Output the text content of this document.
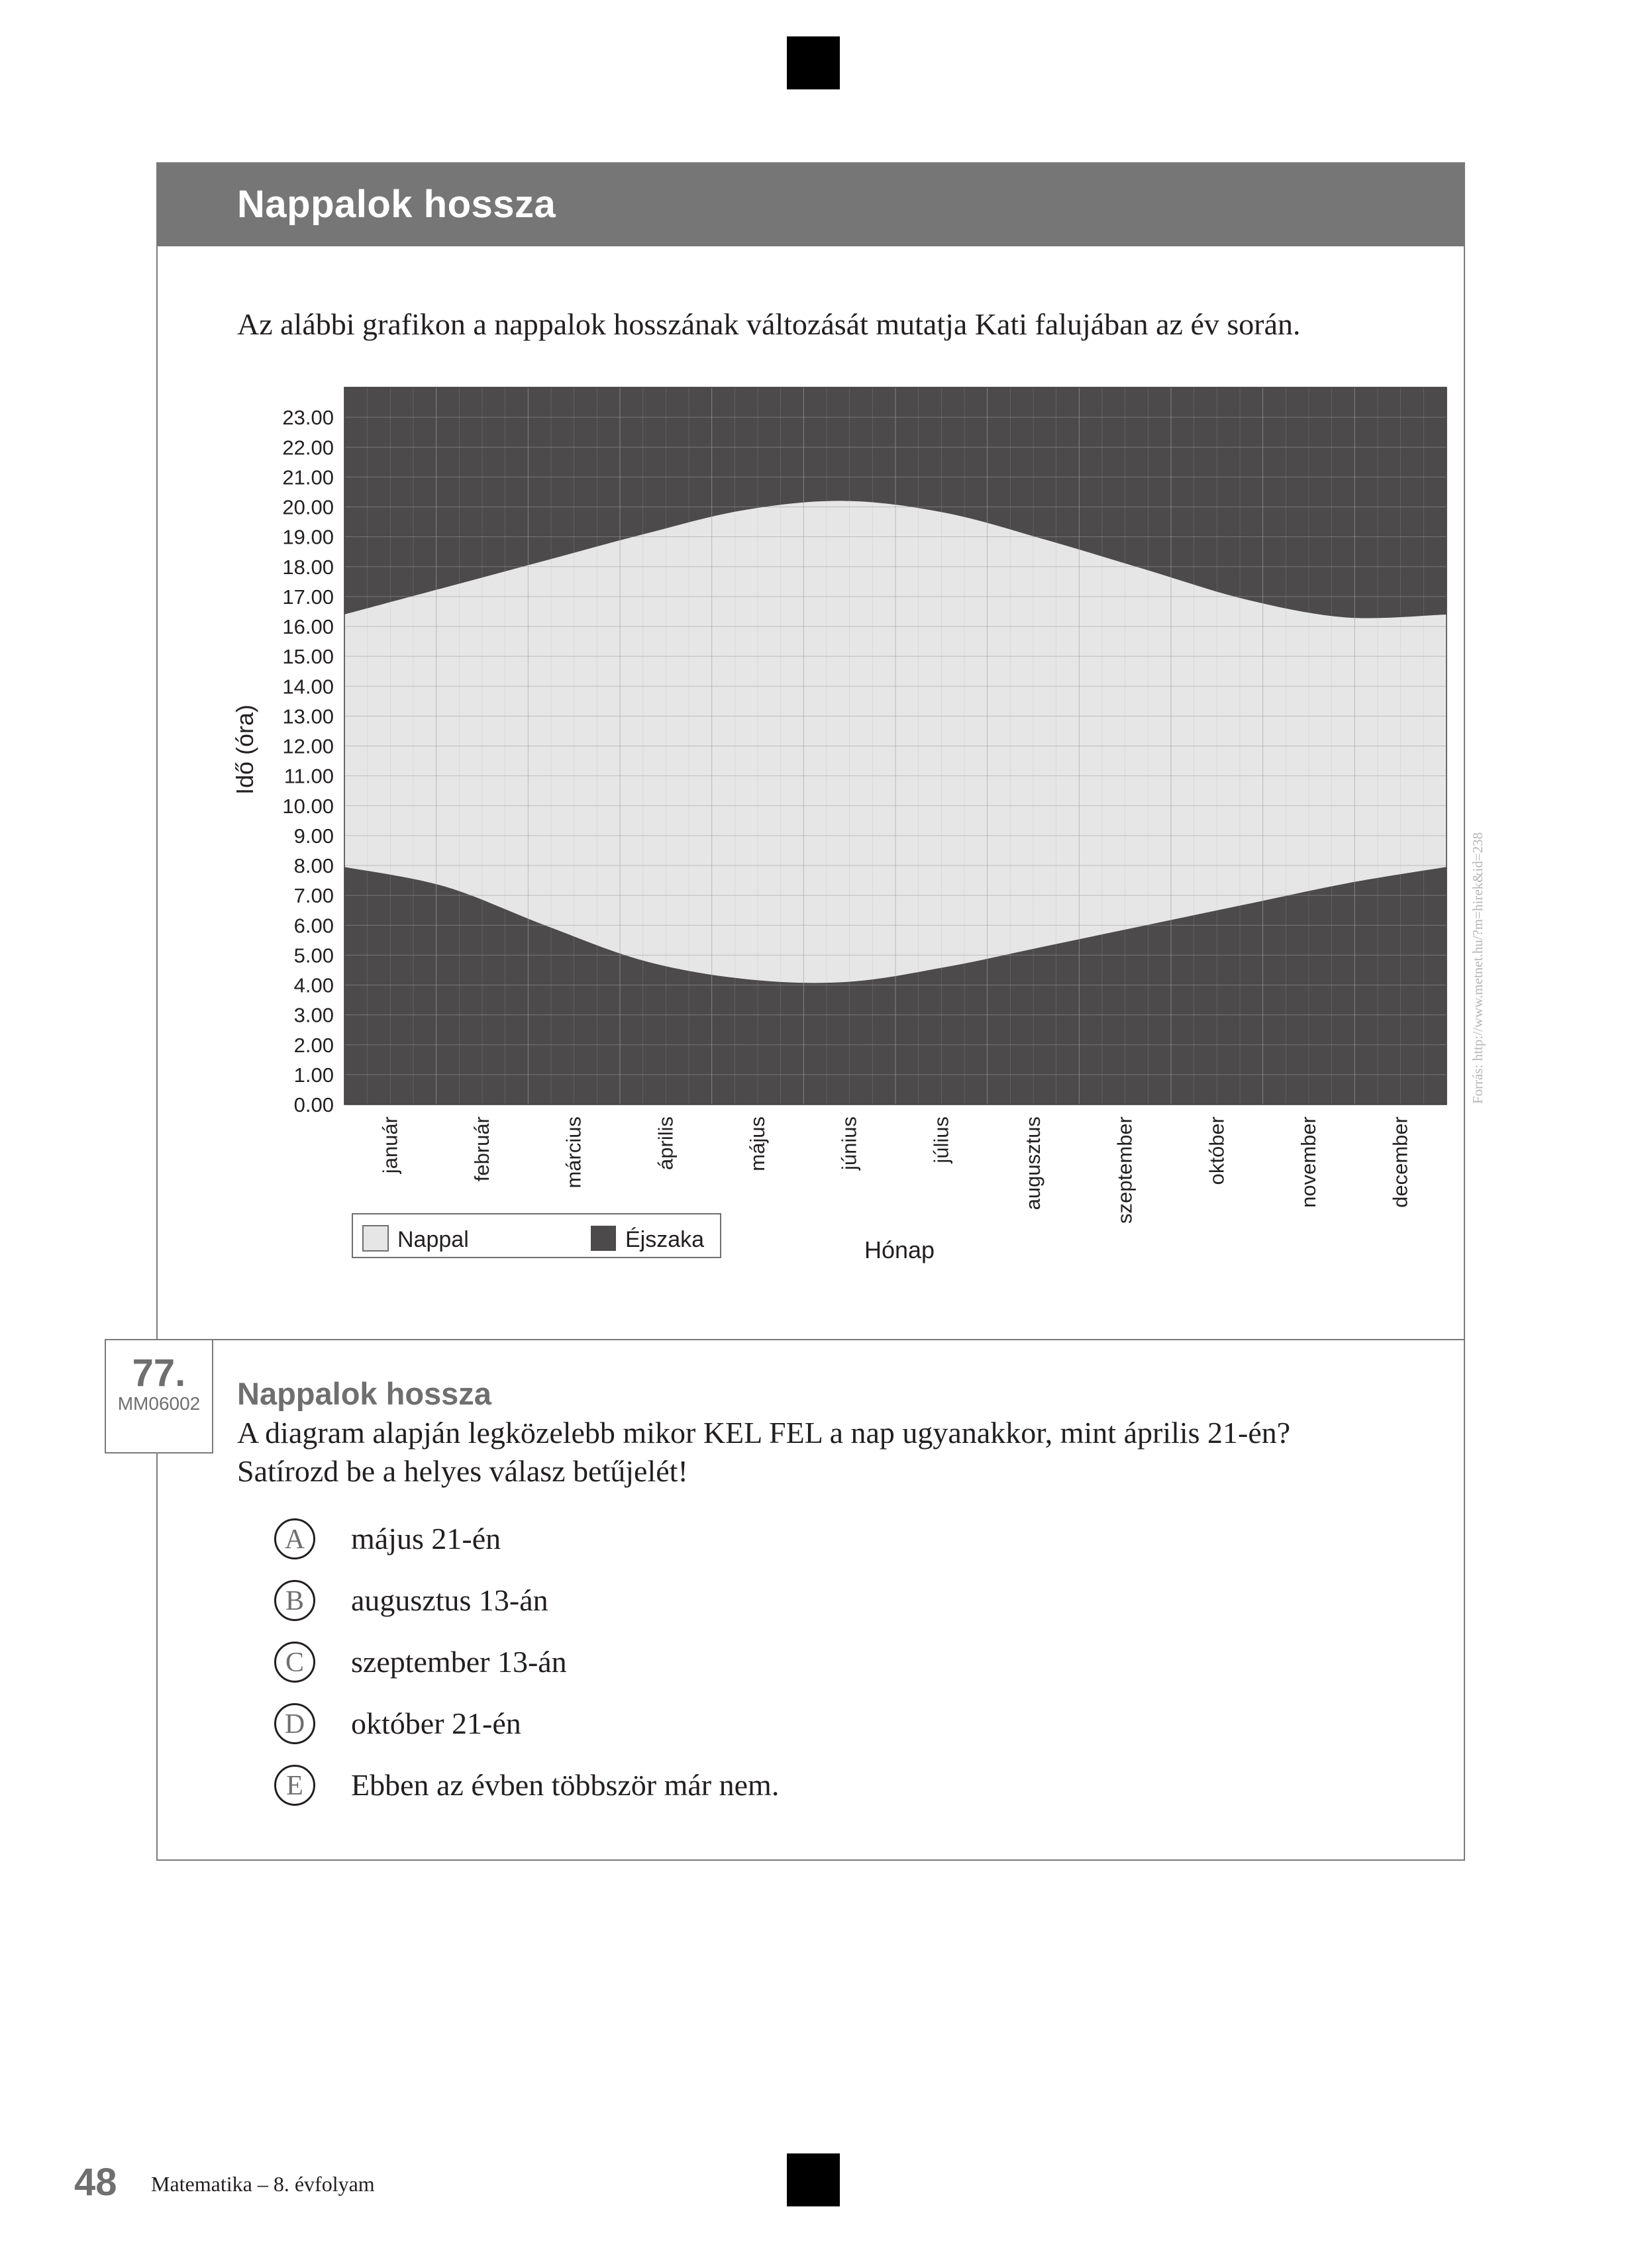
Nappalok hossza
Az alábbi grafikon a nappalok hosszának változását mutatja Kati falujában az év során.
0.00
1.00
2.00
3.00
4.00
5.00
6.00
7.00
8.00
9.00
10.00
11.00
12.00
13.00
14.00
15.00
16.00
17.00
18.00
19.00
20.00
21.00
22.00
23.00
január	február	március	április	május	június	július	augusztus	szeptember	október	november	december
Idő (óra)
Hónap
Forrás: http://www.metnet.hu/?m=hirek&id=238
Nappal	Éjszaka
Nappalok hossza
A diagram alapján legközelebb mikor KEL FEL a nap ugyanakkor, mint április 21-én?
Satírozd be a helyes válasz betűjelét!
A	május 21-én
B	augusztus 13-án
C	szeptember 13-án
D	október 21-én
E	Ebben az évben többször már nem.
77.
MM06002
48 Matematika – 8. évfolyam
